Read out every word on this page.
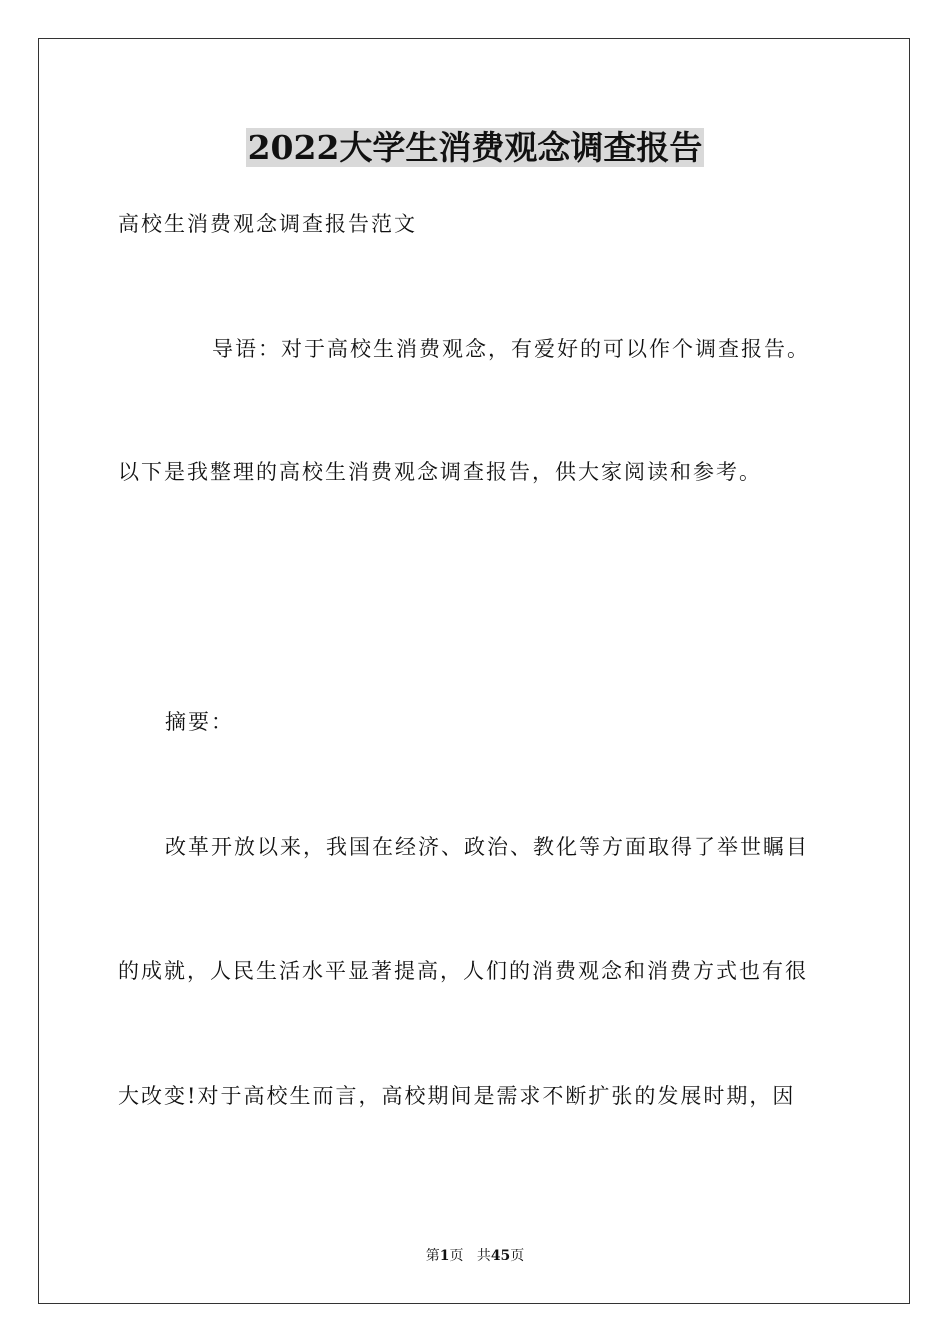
2022大学生消费观念调查报告
高校生消费观念调查报告范文
导语：对于高校生消费观念，有爱好的可以作个调查报告。
以下是我整理的高校生消费观念调查报告，供大家阅读和参考。
摘要：
改革开放以来，我国在经济、政治、教化等方面取得了举世瞩目
的成就，人民生活水平显著提高，人们的消费观念和消费方式也有很
大改变!对于高校生而言，高校期间是需求不断扩张的发展时期，因
第1页 共45页
